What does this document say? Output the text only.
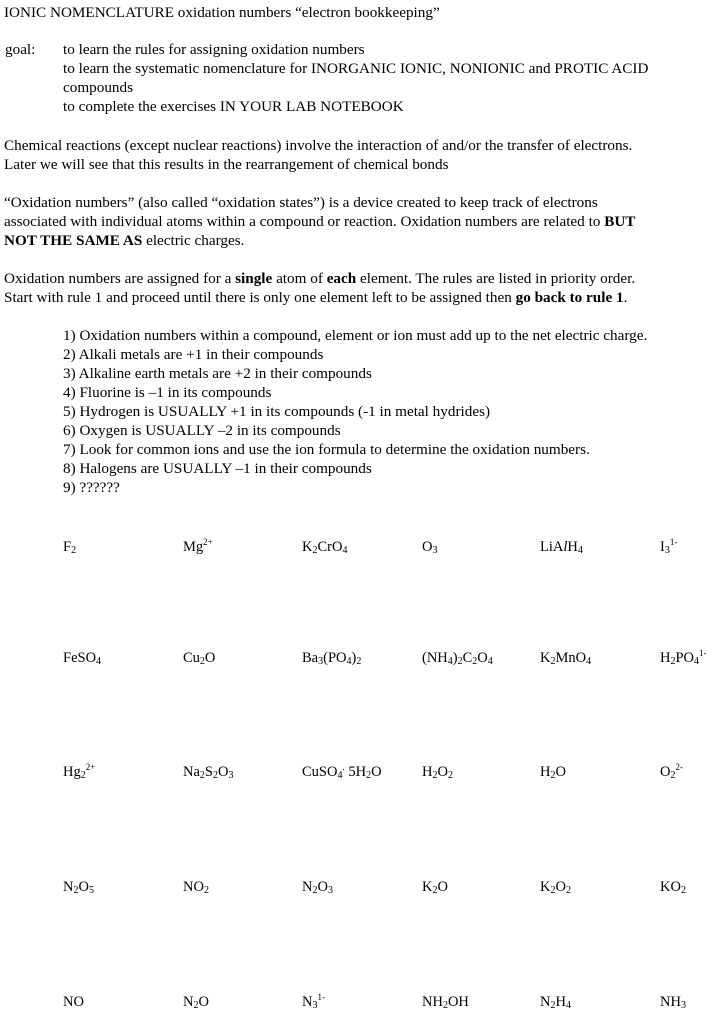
IONIC NOMENCLATURE oxidation numbers “electron bookkeeping”
goal: to learn the rules for assigning oxidation numbers
to learn the systematic nomenclature for INORGANIC IONIC, NONIONIC and PROTIC ACID
compounds
to complete the exercises IN YOUR LAB NOTEBOOK

Chemical reactions (except nuclear reactions) involve the interaction of and/or the transfer of electrons.

Later we will see that this results in the rearrangement of chemical bonds

“Oxidation numbers” (also called “oxidation states”) is a device created to keep track of electrons

associated with individual atoms within a compound or reaction. Oxidation numbers are related to BUT

NOT THE SAME AS electric charges.

Oxidation numbers are assigned for a single atom of each element. The rules are listed in priority order.

Start with rule 1 and proceed until there is only one element left to be assigned then go back to rule 1.

1) Oxidation numbers within a compound, element or ion must add up to the net electric charge.
2) Alkali metals are +1 in their compounds
3) Alkaline earth metals are +2 in their compounds
4) Fluorine is –1 in its compounds
5) Hydrogen is USUALLY +1 in its compounds (-1 in metal hydrides)
6) Oxygen is USUALLY –2 in its compounds
7) Look for common ions and use the ion formula to determine the oxidation numbers.
8) Halogens are USUALLY –1 in their compounds
9) ??????
$F_2$	$Mg^{2+}$	$K_2CrO_4$	$O_3$	LiAlH$_4$	$I_3^{1-}$
FeSO$_4$	$Cu_2O$	$Ba_3(PO_4)_2$	$(NH_4)_2C_2O_4$	$K_2MnO_4$	$H_2PO_4^{1-}$
$Hg_2^{2+}$	$Na_2S_2O_3$	CuSO$_4$. $5H_2O$	$H_2O_2$	$H_2O$	$O_2^{2-}$
$N_2O_5$	$NO_2$	$N_2O_3$	$K_2O$	$K_2O_2$	$KO_2$
NO	$N_2O$	$N_3^{1-}$	$NH_2OH$	$N_2H_4$	$NH_3$
